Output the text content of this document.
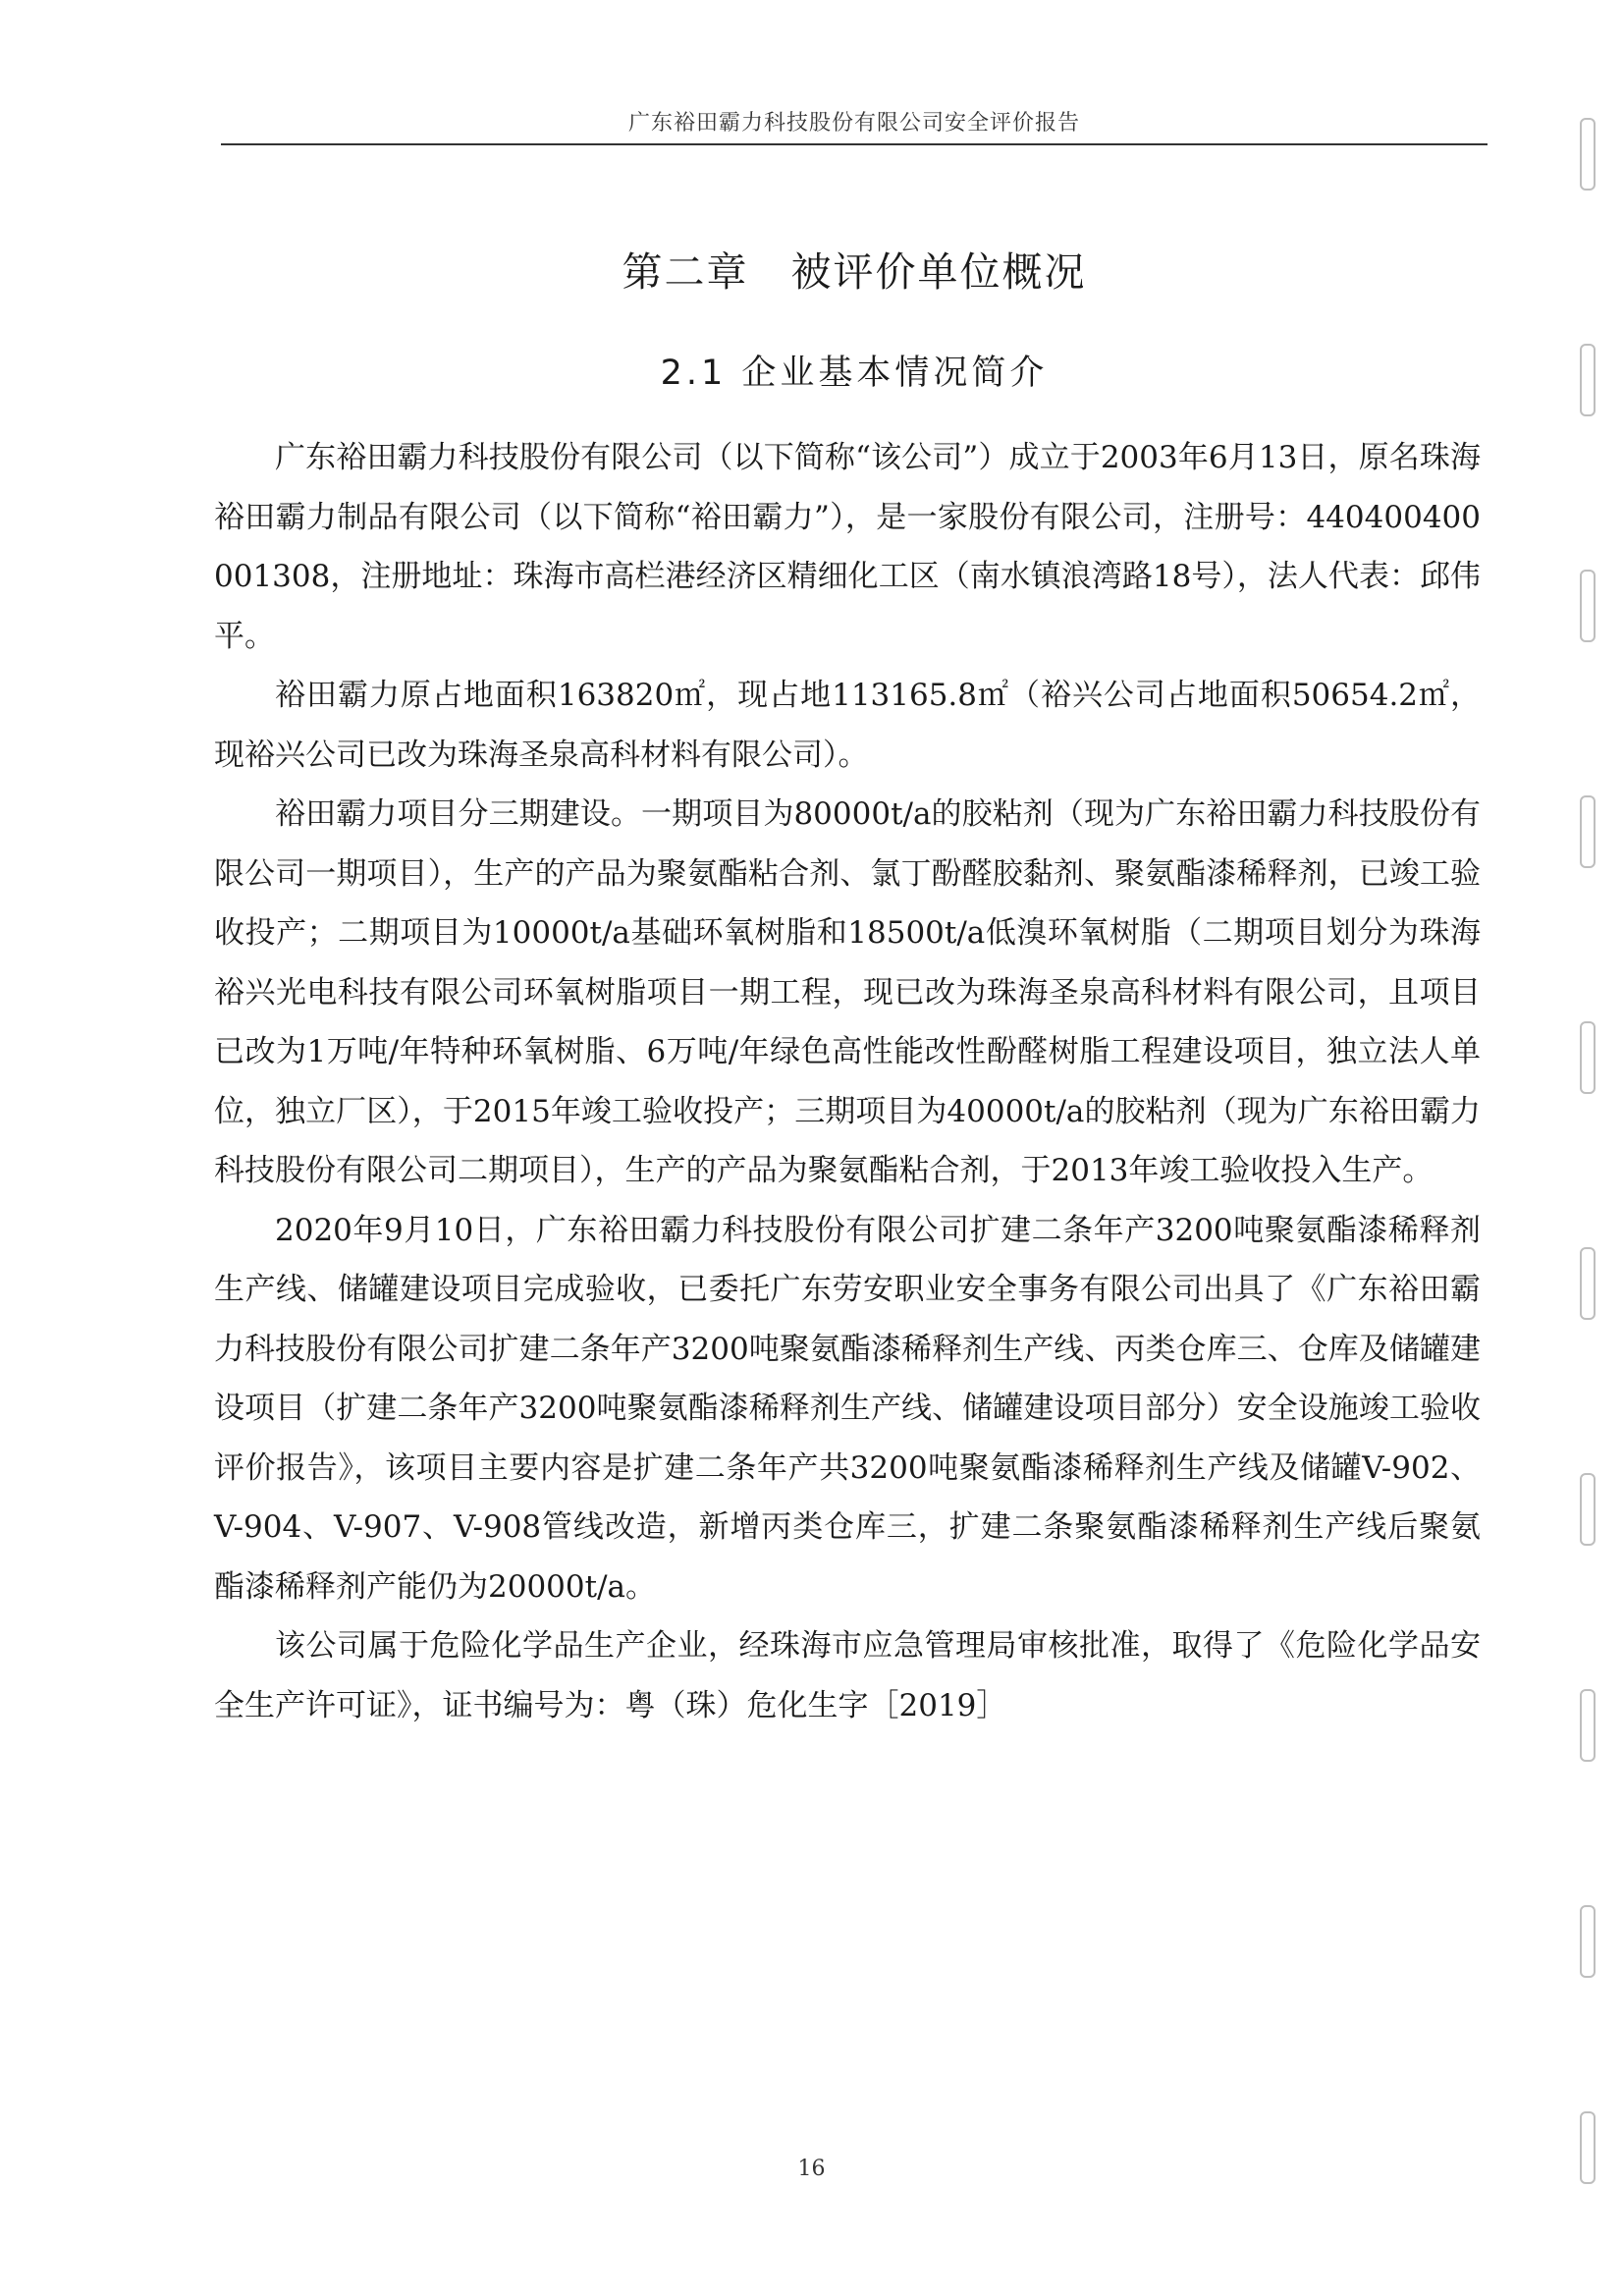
广东裕田霸力科技股份有限公司安全评价报告
第二章　被评价单位概况
2.1 企业基本情况简介

广东裕田霸力科技股份有限公司（以下简称“该公司”）成立于2003年6月13日，原名珠海裕田霸力制品有限公司（以下简称“裕田霸力”），是一家股份有限公司，注册号：440400400001308，注册地址：珠海市高栏港经济区精细化工区（南水镇浪湾路18号），法人代表：邱伟平。

裕田霸力原占地面积163820㎡，现占地113165.8㎡（裕兴公司占地面积50654.2㎡，现裕兴公司已改为珠海圣泉高科材料有限公司）。

裕田霸力项目分三期建设。一期项目为80000t/a的胶粘剂（现为广东裕田霸力科技股份有限公司一期项目），生产的产品为聚氨酯粘合剂、氯丁酚醛胶黏剂、聚氨酯漆稀释剂，已竣工验收投产；二期项目为10000t/a基础环氧树脂和18500t/a低溴环氧树脂（二期项目划分为珠海裕兴光电科技有限公司环氧树脂项目一期工程，现已改为珠海圣泉高科材料有限公司，且项目已改为1万吨/年特种环氧树脂、6万吨/年绿色高性能改性酚醛树脂工程建设项目，独立法人单位，独立厂区），于2015年竣工验收投产；三期项目为40000t/a的胶粘剂（现为广东裕田霸力科技股份有限公司二期项目），生产的产品为聚氨酯粘合剂，于2013年竣工验收投入生产。

2020年9月10日，广东裕田霸力科技股份有限公司扩建二条年产3200吨聚氨酯漆稀释剂生产线、储罐建设项目完成验收，已委托广东劳安职业安全事务有限公司出具了《广东裕田霸力科技股份有限公司扩建二条年产3200吨聚氨酯漆稀释剂生产线、丙类仓库三、仓库及储罐建设项目（扩建二条年产3200吨聚氨酯漆稀释剂生产线、储罐建设项目部分）安全设施竣工验收评价报告》，该项目主要内容是扩建二条年产共3200吨聚氨酯漆稀释剂生产线及储罐V-902、V-904、V-907、V-908管线改造，新增丙类仓库三，扩建二条聚氨酯漆稀释剂生产线后聚氨酯漆稀释剂产能仍为20000t/a。

该公司属于危险化学品生产企业，经珠海市应急管理局审核批准，取得了《危险化学品安全生产许可证》，证书编号为：粤（珠）危化生字［2019］

16
